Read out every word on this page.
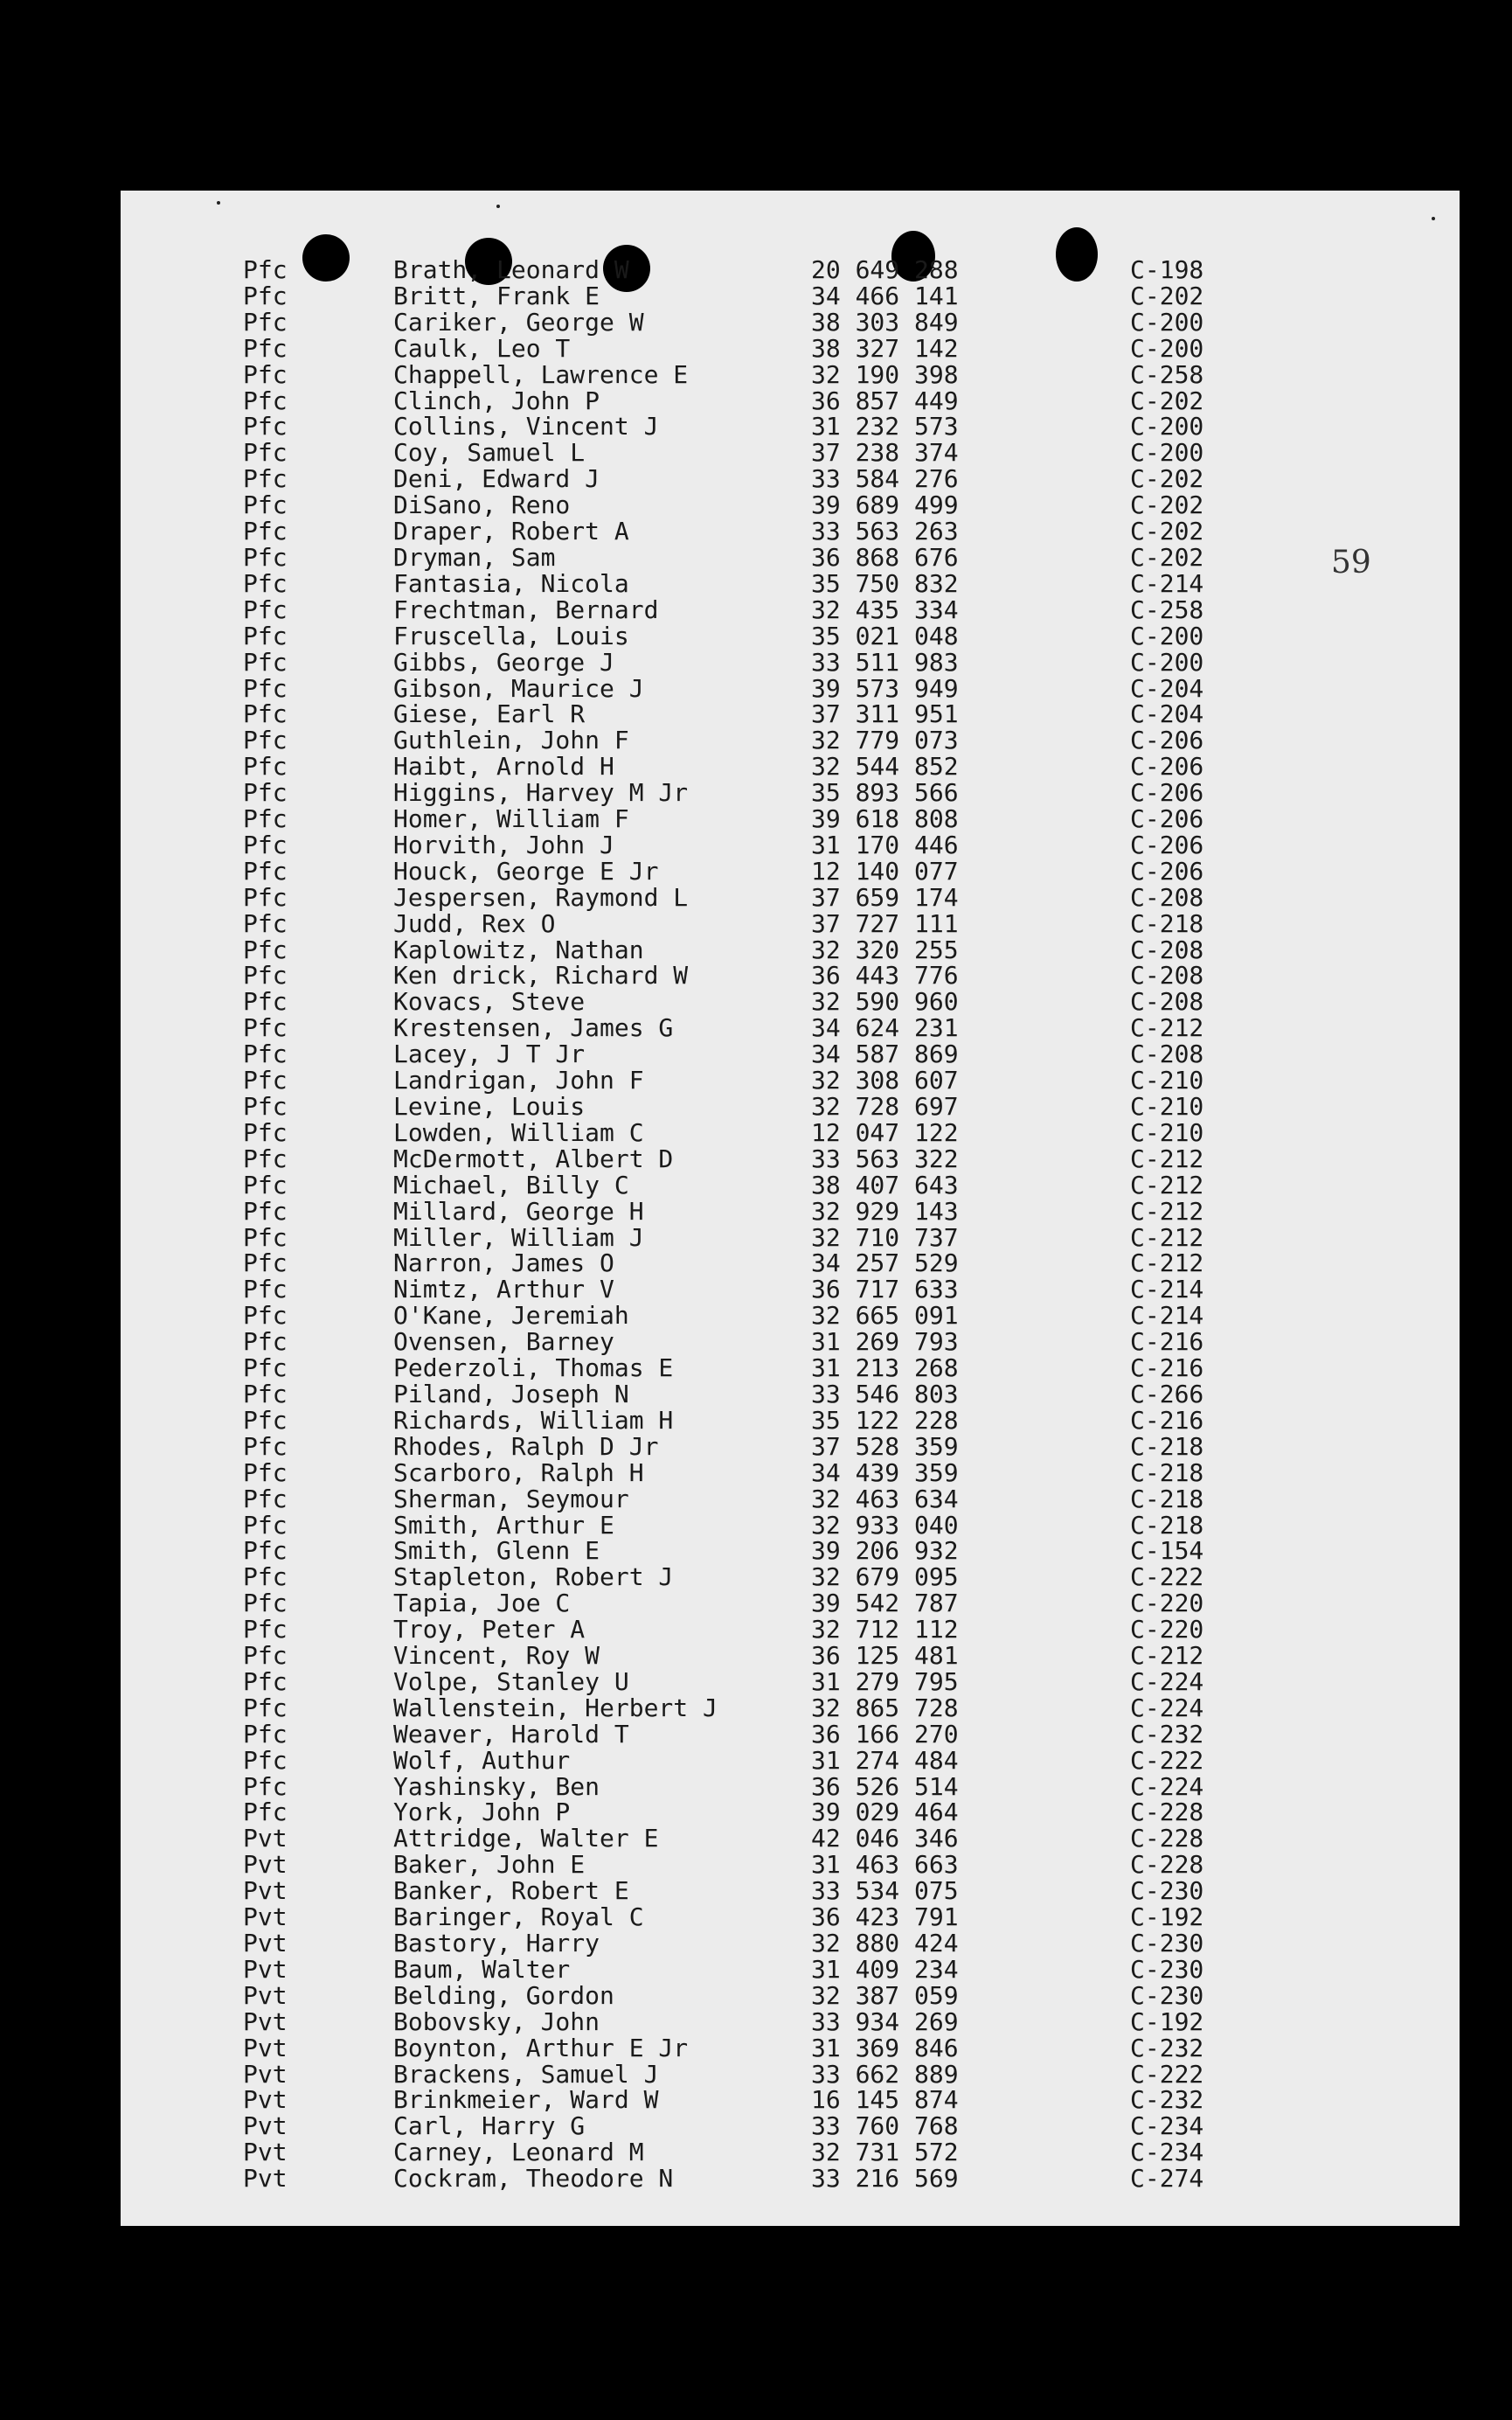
59
Pfc	Brath, Leonard W	20 649 288	C-198
Pfc	Britt, Frank E	34 466 141	C-202
Pfc	Cariker, George W	38 303 849	C-200
Pfc	Caulk, Leo T	38 327 142	C-200
Pfc	Chappell, Lawrence E	32 190 398	C-258
Pfc	Clinch, John P	36 857 449	C-202
Pfc	Collins, Vincent J	31 232 573	C-200
Pfc	Coy, Samuel L	37 238 374	C-200
Pfc	Deni, Edward J	33 584 276	C-202
Pfc	DiSano, Reno	39 689 499	C-202
Pfc	Draper, Robert A	33 563 263	C-202
Pfc	Dryman, Sam	36 868 676	C-202
Pfc	Fantasia, Nicola	35 750 832	C-214
Pfc	Frechtman, Bernard	32 435 334	C-258
Pfc	Fruscella, Louis	35 021 048	C-200
Pfc	Gibbs, George J	33 511 983	C-200
Pfc	Gibson, Maurice J	39 573 949	C-204
Pfc	Giese, Earl R	37 311 951	C-204
Pfc	Guthlein, John F	32 779 073	C-206
Pfc	Haibt, Arnold H	32 544 852	C-206
Pfc	Higgins, Harvey M Jr	35 893 566	C-206
Pfc	Homer, William F	39 618 808	C-206
Pfc	Horvith, John J	31 170 446	C-206
Pfc	Houck, George E Jr	12 140 077	C-206
Pfc	Jespersen, Raymond L	37 659 174	C-208
Pfc	Judd, Rex O	37 727 111	C-218
Pfc	Kaplowitz, Nathan	32 320 255	C-208
Pfc	Ken drick, Richard W	36 443 776	C-208
Pfc	Kovacs, Steve	32 590 960	C-208
Pfc	Krestensen, James G	34 624 231	C-212
Pfc	Lacey, J T Jr	34 587 869	C-208
Pfc	Landrigan, John F	32 308 607	C-210
Pfc	Levine, Louis	32 728 697	C-210
Pfc	Lowden, William C	12 047 122	C-210
Pfc	McDermott, Albert D	33 563 322	C-212
Pfc	Michael, Billy C	38 407 643	C-212
Pfc	Millard, George H	32 929 143	C-212
Pfc	Miller, William J	32 710 737	C-212
Pfc	Narron, James O	34 257 529	C-212
Pfc	Nimtz, Arthur V	36 717 633	C-214
Pfc	O'Kane, Jeremiah	32 665 091	C-214
Pfc	Ovensen, Barney	31 269 793	C-216
Pfc	Pederzoli, Thomas E	31 213 268	C-216
Pfc	Piland, Joseph N	33 546 803	C-266
Pfc	Richards, William H	35 122 228	C-216
Pfc	Rhodes, Ralph D Jr	37 528 359	C-218
Pfc	Scarboro, Ralph H	34 439 359	C-218
Pfc	Sherman, Seymour	32 463 634	C-218
Pfc	Smith, Arthur E	32 933 040	C-218
Pfc	Smith, Glenn E	39 206 932	C-154
Pfc	Stapleton, Robert J	32 679 095	C-222
Pfc	Tapia, Joe C	39 542 787	C-220
Pfc	Troy, Peter A	32 712 112	C-220
Pfc	Vincent, Roy W	36 125 481	C-212
Pfc	Volpe, Stanley U	31 279 795	C-224
Pfc	Wallenstein, Herbert J	32 865 728	C-224
Pfc	Weaver, Harold T	36 166 270	C-232
Pfc	Wolf, Authur	31 274 484	C-222
Pfc	Yashinsky, Ben	36 526 514	C-224
Pfc	York, John P	39 029 464	C-228
Pvt	Attridge, Walter E	42 046 346	C-228
Pvt	Baker, John E	31 463 663	C-228
Pvt	Banker, Robert E	33 534 075	C-230
Pvt	Baringer, Royal C	36 423 791	C-192
Pvt	Bastory, Harry	32 880 424	C-230
Pvt	Baum, Walter	31 409 234	C-230
Pvt	Belding, Gordon	32 387 059	C-230
Pvt	Bobovsky, John	33 934 269	C-192
Pvt	Boynton, Arthur E Jr	31 369 846	C-232
Pvt	Brackens, Samuel J	33 662 889	C-222
Pvt	Brinkmeier, Ward W	16 145 874	C-232
Pvt	Carl, Harry G	33 760 768	C-234
Pvt	Carney, Leonard M	32 731 572	C-234
Pvt	Cockram, Theodore N	33 216 569	C-274
